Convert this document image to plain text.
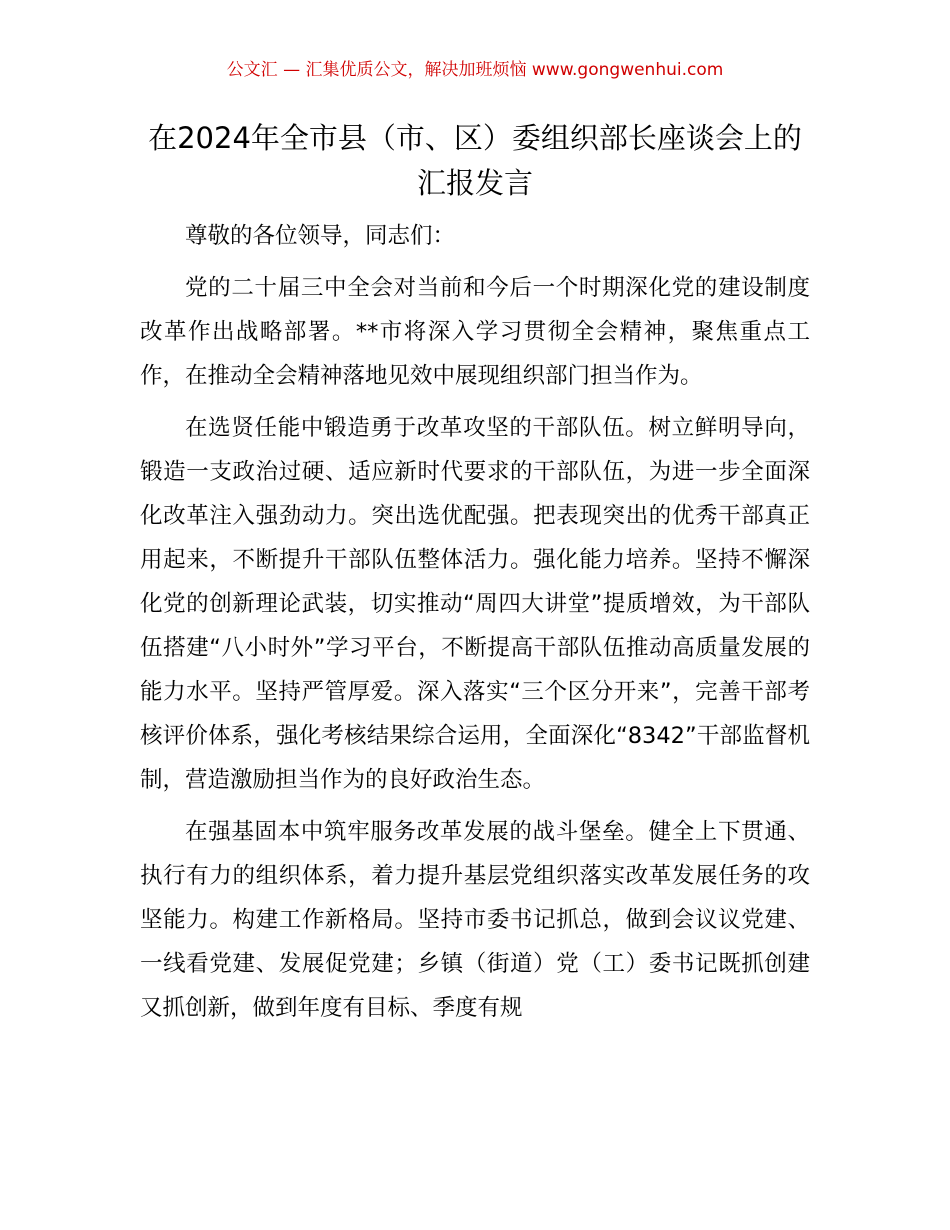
公文汇 — 汇集优质公文，解决加班烦恼 www.gongwenhui.com
在2024年全市县（市、区）委组织部长座谈会上的汇报发言

尊敬的各位领导，同志们：

党的二十届三中全会对当前和今后一个时期深化党的建设制度改革作出战略部署。**市将深入学习贯彻全会精神，聚焦重点工作，在推动全会精神落地见效中展现组织部门担当作为。

在选贤任能中锻造勇于改革攻坚的干部队伍。树立鲜明导向，锻造一支政治过硬、适应新时代要求的干部队伍，为进一步全面深化改革注入强劲动力。突出选优配强。把表现突出的优秀干部真正用起来，不断提升干部队伍整体活力。强化能力培养。坚持不懈深化党的创新理论武装，切实推动“周四大讲堂”提质增效，为干部队伍搭建“八小时外”学习平台，不断提高干部队伍推动高质量发展的能力水平。坚持严管厚爱。深入落实“三个区分开来”，完善干部考核评价体系，强化考核结果综合运用，全面深化“8342”干部监督机制，营造激励担当作为的良好政治生态。

在强基固本中筑牢服务改革发展的战斗堡垒。健全上下贯通、执行有力的组织体系，着力提升基层党组织落实改革发展任务的攻坚能力。构建工作新格局。坚持市委书记抓总，做到会议议党建、一线看党建、发展促党建；乡镇（街道）党（工）委书记既抓创建又抓创新，做到年度有目标、季度有规
